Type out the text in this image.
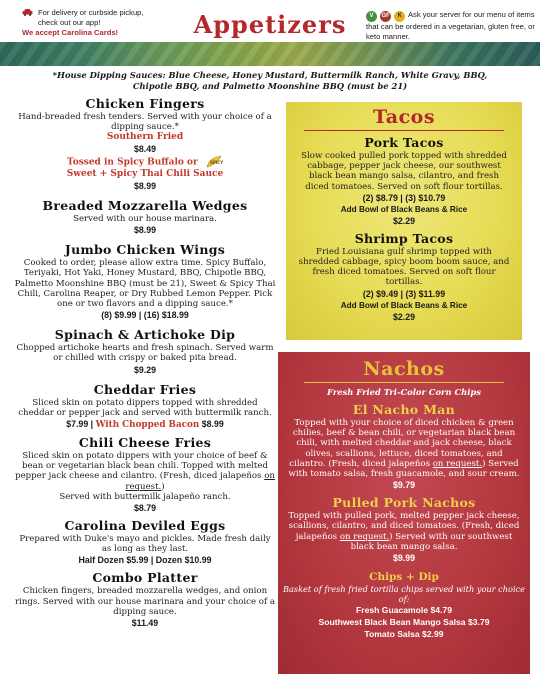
For delivery or curbside pickup,
check out our app!
We accept Carolina Cards!	Appetizers	V GF K Ask your server for our menu of items that can be ordered in a vegetarian, gluten free, or keto manner.
*House Dipping Sauces: Blue Cheese, Honey Mustard, Buttermilk Ranch, White Gravy, BBQ, Chipotle BBQ, and Palmetto Moonshine BBQ (must be 21)
Chicken Fingers
Hand-breaded fresh tenders. Served with your choice of a dipping sauce.*
Southern Fried
$8.49
Tossed in Spicy Buffalo or	SPICY

Sweet + Spicy Thai Chili Sauce
$8.99
Breaded Mozzarella Wedges
Served with our house marinara.
$8.99
Jumbo Chicken Wings
Cooked to order, please allow extra time. Spicy Buffalo, Teriyaki, Hot Yaki, Honey Mustard, BBQ, Chipotle BBQ, Palmetto Moonshine BBQ (must be 21), Sweet & Spicy Thai Chili, Carolina Reaper, or Dry Rubbed Lemon Pepper. Pick one or two flavors and a dipping sauce.*
(8) $9.99 | (16) $18.99
Spinach & Artichoke Dip
Chopped artichoke hearts and fresh spinach. Served warm or chilled with crispy or baked pita bread.
$9.29
Cheddar Fries
Sliced skin on potato dippers topped with shredded cheddar or pepper jack and served with buttermilk ranch.
$7.99 | With Chopped Bacon $8.99
Chili Cheese Fries
Sliced skin on potato dippers with your choice of beef & bean or vegetarian black bean chili. Topped with melted pepper jack cheese and cilantro. (Fresh, diced jalapeños on request.)
Served with buttermilk jalapeño ranch.
$8.79
Carolina Deviled Eggs
Prepared with Duke's mayo and pickles. Made fresh daily as long as they last.
Half Dozen $5.99 | Dozen $10.99
Combo Platter
Chicken fingers, breaded mozzarella wedges, and onion rings. Served with our house marinara and your choice of a dipping sauce.
$11.49
Tacos
Pork Tacos
Slow cooked pulled pork topped with shredded cabbage, pepper jack cheese, our southwest black bean mango salsa, cilantro, and fresh diced tomatoes. Served on soft flour tortillas.
(2) $8.79 | (3) $10.79
Add Bowl of Black Beans & Rice
$2.29
Shrimp Tacos
Fried Louisiana gulf shrimp topped with shredded cabbage, spicy boom boom sauce, and fresh diced tomatoes. Served on soft flour tortillas.
(2) $9.49 | (3) $11.99
Add Bowl of Black Beans & Rice
$2.29
Nachos
Fresh Fried Tri-Color Corn Chips
El Nacho Man
Topped with your choice of diced chicken & green chilies, beef & bean chili, or vegetarian black bean chili, with melted cheddar and jack cheese, black olives, scallions, lettuce, diced tomatoes, and cilantro. (Fresh, diced jalapeños on request.) Served with tomato salsa, fresh guacamole, and sour cream.
$9.79
Pulled Pork Nachos
Topped with pulled pork, melted pepper jack cheese, scallions, cilantro, and diced tomatoes. (Fresh, diced jalapeños on request.) Served with our southwest black bean mango salsa.
$9.99
Chips + Dip
Basket of fresh fried tortilla chips served with your choice of:
Fresh Guacamole $4.79
Southwest Black Bean Mango Salsa $3.79
Tomato Salsa $2.99
